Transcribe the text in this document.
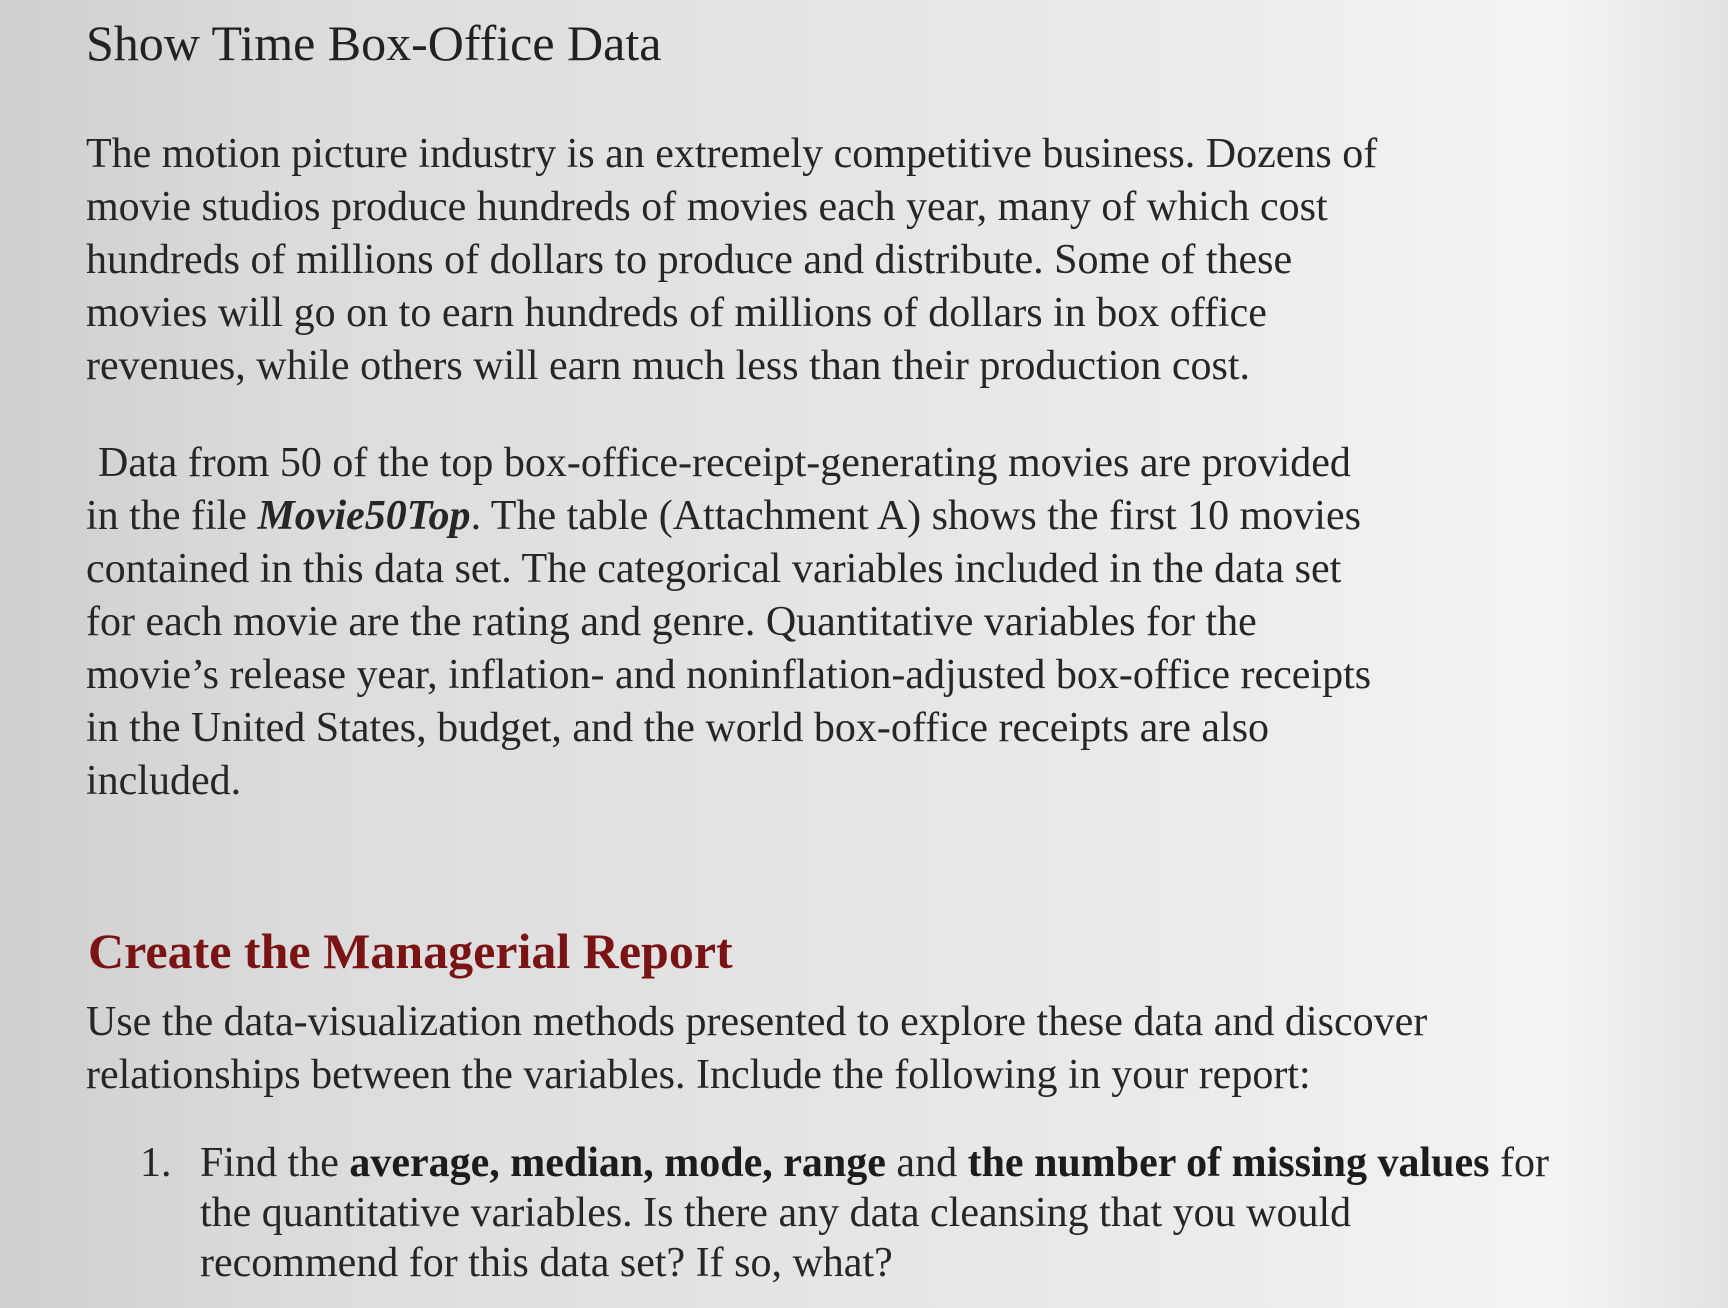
Show Time Box-Office Data

The motion picture industry is an extremely competitive business. Dozens of
movie studios produce hundreds of movies each year, many of which cost
hundreds of millions of dollars to produce and distribute. Some of these
movies will go on to earn hundreds of millions of dollars in box office
revenues, while others will earn much less than their production cost.

Data from 50 of the top box-office-receipt-generating movies are provided
in the file Movie50Top. The table (Attachment A) shows the first 10 movies
contained in this data set. The categorical variables included in the data set
for each movie are the rating and genre. Quantitative variables for the
movie’s release year, inflation- and noninflation-adjusted box-office receipts
in the United States, budget, and the world box-office receipts are also
included.

Create the Managerial Report

Use the data-visualization methods presented to explore these data and discover
relationships between the variables. Include the following in your report:

1. Find the average, median, mode, range and the number of missing values for
the quantitative variables. Is there any data cleansing that you would
recommend for this data set? If so, what?
